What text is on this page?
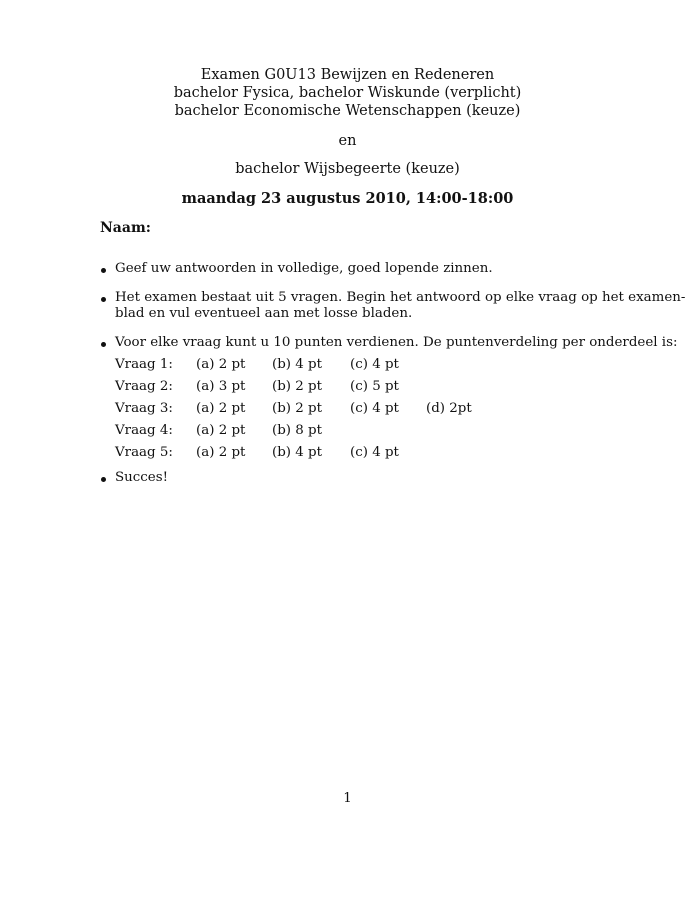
Examen G0U13 Bewijzen en Redeneren
bachelor Fysica, bachelor Wiskunde (verplicht)
bachelor Economische Wetenschappen (keuze)
en
bachelor Wijsbegeerte (keuze)
maandag 23 augustus 2010, 14:00-18:00
Naam:
Geef uw antwoorden in volledige, goed lopende zinnen.
Het examen bestaat uit 5 vragen. Begin het antwoord op elke vraag op het examen-
blad en vul eventueel aan met losse bladen.
Voor elke vraag kunt u 10 punten verdienen. De puntenverdeling per onderdeel is:
Vraag 1: (a) 2 pt (b) 4 pt (c) 4 pt
Vraag 2: (a) 3 pt (b) 2 pt (c) 5 pt
Vraag 3: (a) 2 pt (b) 2 pt (c) 4 pt (d) 2pt
Vraag 4: (a) 2 pt (b) 8 pt
Vraag 5: (a) 2 pt (b) 4 pt (c) 4 pt
Succes!
1
